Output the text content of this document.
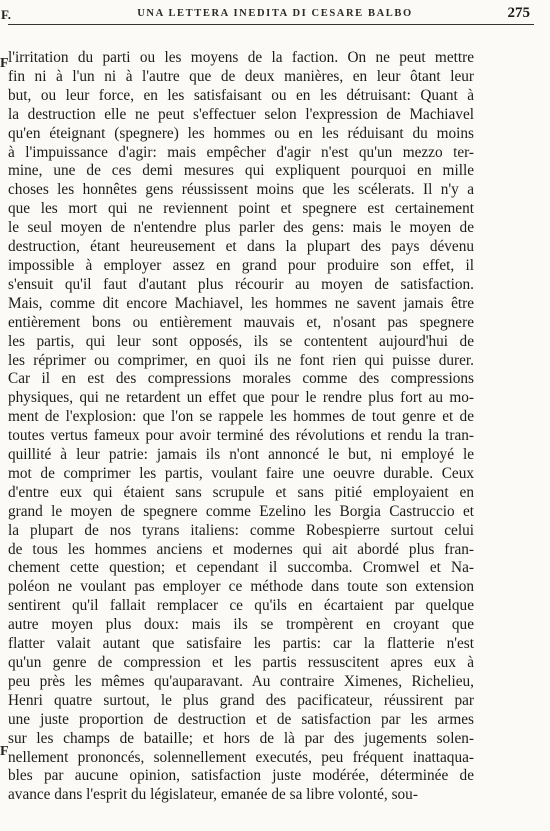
F.	UNA LETTERA INEDITA DI CESARE BALBO	275
F
F
l'irritation du parti ou les moyens de la faction. On ne peut mettre
fin ni à l'un ni à l'autre que de deux manières, en leur ôtant leur
but, ou leur force, en les satisfaisant ou en les détruisant: Quant à
la destruction elle ne peut s'effectuer selon l'expression de Machiavel
qu'en éteignant (spegnere) les hommes ou en les réduisant du moins
à l'impuissance d'agir: mais empêcher d'agir n'est qu'un mezzo ter-
mine, une de ces demi mesures qui expliquent pourquoi en mille
choses les honnêtes gens réussissent moins que les scélerats. Il n'y a
que les mort qui ne reviennent point et spegnere est certainement
le seul moyen de n'entendre plus parler des gens: mais le moyen de
destruction, étant heureusement et dans la plupart des pays dévenu
impossible à employer assez en grand pour produire son effet, il
s'ensuit qu'il faut d'autant plus récourir au moyen de satisfaction.
Mais, comme dit encore Machiavel, les hommes ne savent jamais être
entièrement bons ou entièrement mauvais et, n'osant pas spegnere
les partis, qui leur sont opposés, ils se contentent aujourd'hui de
les réprimer ou comprimer, en quoi ils ne font rien qui puisse durer.
Car il en est des compressions morales comme des compressions
physiques, qui ne retardent un effet que pour le rendre plus fort au mo-
ment de l'explosion: que l'on se rappele les hommes de tout genre et de
toutes vertus fameux pour avoir terminé des révolutions et rendu la tran-
quillité à leur patrie: jamais ils n'ont annoncé le but, ni employé le
mot de comprimer les partis, voulant faire une oeuvre durable. Ceux
d'entre eux qui étaient sans scrupule et sans pitié employaient en
grand le moyen de spegnere comme Ezelino les Borgia Castruccio et
la plupart de nos tyrans italiens: comme Robespierre surtout celui
de tous les hommes anciens et modernes qui ait abordé plus fran-
chement cette question; et cependant il succomba. Cromwel et Na-
poléon ne voulant pas employer ce méthode dans toute son extension
sentirent qu'il fallait remplacer ce qu'ils en écartaient par quelque
autre moyen plus doux: mais ils se trompèrent en croyant que
flatter valait autant que satisfaire les partis: car la flatterie n'est
qu'un genre de compression et les partis ressuscitent apres eux à
peu près les mêmes qu'auparavant. Au contraire Ximenes, Richelieu,
Henri quatre surtout, le plus grand des pacificateur, réussirent par
une juste proportion de destruction et de satisfaction par les armes
sur les champs de bataille; et hors de là par des jugements solen-
nellement prononcés, solennellement executés, peu fréquent inattaqua-
bles par aucune opinion, satisfaction juste modérée, déterminée de
avance dans l'esprit du législateur, emanée de sa libre volonté, sou-
